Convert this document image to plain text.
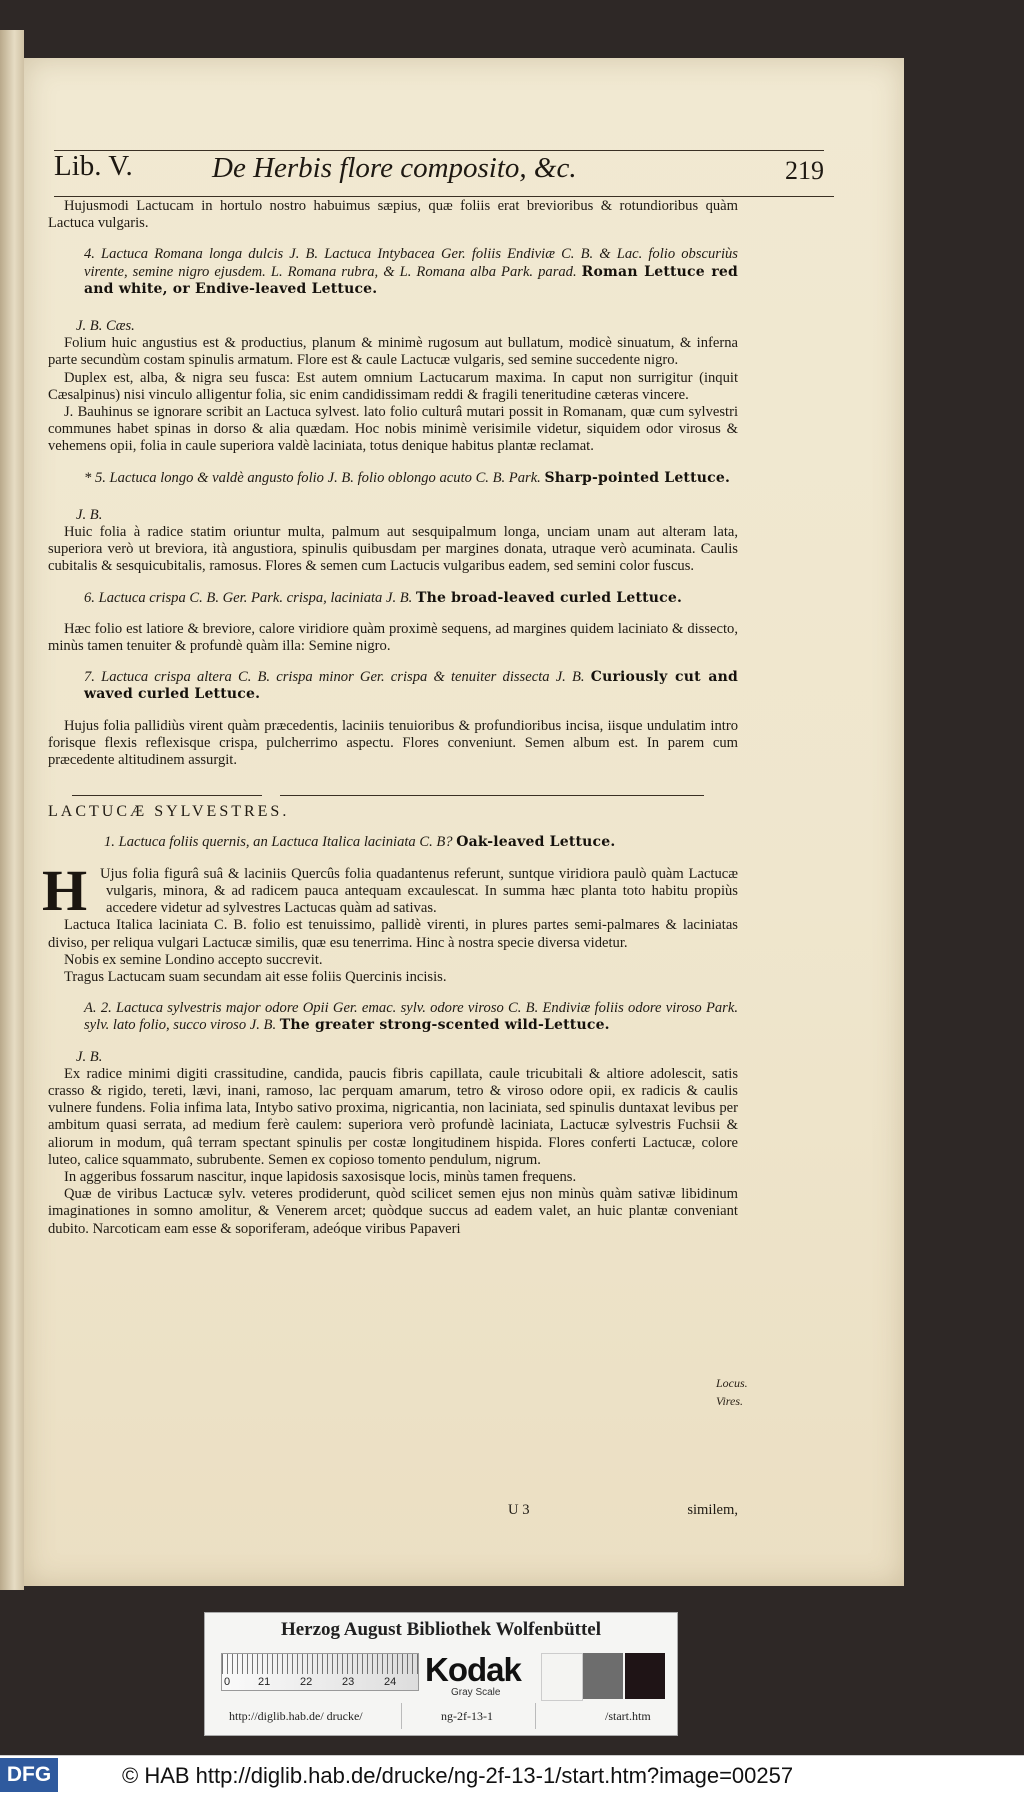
Lib. V.	De Herbis flore composito, &c.	219

Hujusmodi Lactucam in hortulo nostro habuimus sæpius, quæ foliis erat brevioribus & rotundioribus quàm Lactuca vulgaris.

4. Lactuca Romana longa dulcis J. B. Lactuca Intybacea Ger. foliis Endiviæ C. B. & Lac. folio obscuriùs virente, semine nigro ejusdem. L. Romana rubra, & L. Romana alba Park. parad. Roman Lettuce red and white, or Endive-leaved Lettuce.

J. B. Cæs.

Folium huic angustius est & productius, planum & minimè rugosum aut bullatum, modicè sinuatum, & inferna parte secundùm costam spinulis armatum. Flore est & caule Lactucæ vulgaris, sed semine succedente nigro.

Duplex est, alba, & nigra seu fusca: Est autem omnium Lactucarum maxima. In caput non surrigitur (inquit Cæsalpinus) nisi vinculo alligentur folia, sic enim candidissimam reddi & fragili teneritudine cæteras vincere.

J. Bauhinus se ignorare scribit an Lactuca sylvest. lato folio culturâ mutari possit in Romanam, quæ cum sylvestri communes habet spinas in dorso & alia quædam. Hoc nobis minimè verisimile videtur, siquidem odor virosus & vehemens opii, folia in caule superiora valdè laciniata, totus denique habitus plantæ reclamat.

* 5. Lactuca longo & valdè angusto folio J. B. folio oblongo acuto C. B. Park. Sharp-pointed Lettuce.

J. B.

Huic folia à radice statim oriuntur multa, palmum aut sesquipalmum longa, unciam unam aut alteram lata, superiora verò ut breviora, ità angustiora, spinulis quibusdam per margines donata, utraque verò acuminata. Caulis cubitalis & sesquicubitalis, ramosus. Flores & semen cum Lactucis vulgaribus eadem, sed semini color fuscus.

6. Lactuca crispa C. B. Ger. Park. crispa, laciniata J. B. The broad-leaved curled Lettuce.

Hæc folio est latiore & breviore, calore viridiore quàm proximè sequens, ad margines quidem laciniato & dissecto, minùs tamen tenuiter & profundè quàm illa: Semine nigro.

7. Lactuca crispa altera C. B. crispa minor Ger. crispa & tenuiter dissecta J. B. Curiously cut and waved curled Lettuce.

Hujus folia pallidiùs virent quàm præcedentis, laciniis tenuioribus & profundioribus incisa, iisque undulatim intro forisque flexis reflexisque crispa, pulcherrimo aspectu. Flores conveniunt. Semen album est. In parem cum præcedente altitudinem assurgit.

LACTUCÆ SYLVESTRES.

1. Lactuca foliis quernis, an Lactuca Italica laciniata C. B? Oak-leaved Lettuce.

H Ujus folia figurâ suâ & laciniis Quercûs folia quadantenus referunt, suntque viridiora paulò quàm Lactucæ vulgaris, minora, & ad radicem pauca antequam excaulescat. In summa hæc planta toto habitu propiùs accedere videtur ad sylvestres Lactucas quàm ad sativas.

Lactuca Italica laciniata C. B. folio est tenuissimo, pallidè virenti, in plures partes semi-palmares & laciniatas diviso, per reliqua vulgari Lactucæ similis, quæ esu tenerrima. Hinc à nostra specie diversa videtur.

Nobis ex semine Londino accepto succrevit.

Tragus Lactucam suam secundam ait esse foliis Quercinis incisis.

A. 2. Lactuca sylvestris major odore Opii Ger. emac. sylv. odore viroso C. B. Endiviæ foliis odore viroso Park. sylv. lato folio, succo viroso J. B. The greater strong-scented wild-Lettuce.

J. B.

Ex radice minimi digiti crassitudine, candida, paucis fibris capillata, caule tricubitali & altiore adolescit, satis crasso & rigido, tereti, lævi, inani, ramoso, lac perquam amarum, tetro & viroso odore opii, ex radicis & caulis vulnere fundens. Folia infima lata, Intybo sativo proxima, nigricantia, non laciniata, sed spinulis duntaxat levibus per ambitum quasi serrata, ad medium ferè caulem: superiora verò profundè laciniata, Lactucæ sylvestris Fuchsii & aliorum in modum, quâ terram spectant spinulis per costæ longitudinem hispida. Flores conferti Lactucæ, colore luteo, calice squammato, subrubente. Semen ex copioso tomento pendulum, nigrum.

In aggeribus fossarum nascitur, inque lapidosis saxosisque locis, minùs tamen frequens.

Quæ de viribus Lactucæ sylv. veteres prodiderunt, quòd scilicet semen ejus non minùs quàm sativæ libidinum imaginationes in somno amolitur, & Venerem arcet; quòdque succus ad eadem valet, an huic plantæ conveniant dubito. Narcoticam eam esse & soporiferam, adeóque viribus Papaveri

Locus.
Vires.
U 3	similem,
Herzog August Bibliothek Wolfenbüttel
0	21	22	23	24 Kodak
Gray Scale
http://diglib.hab.de/ drucke/	ng-2f-13-1	/start.htm
DFG	© HAB http://diglib.hab.de/drucke/ng-2f-13-1/start.htm?image=00257
